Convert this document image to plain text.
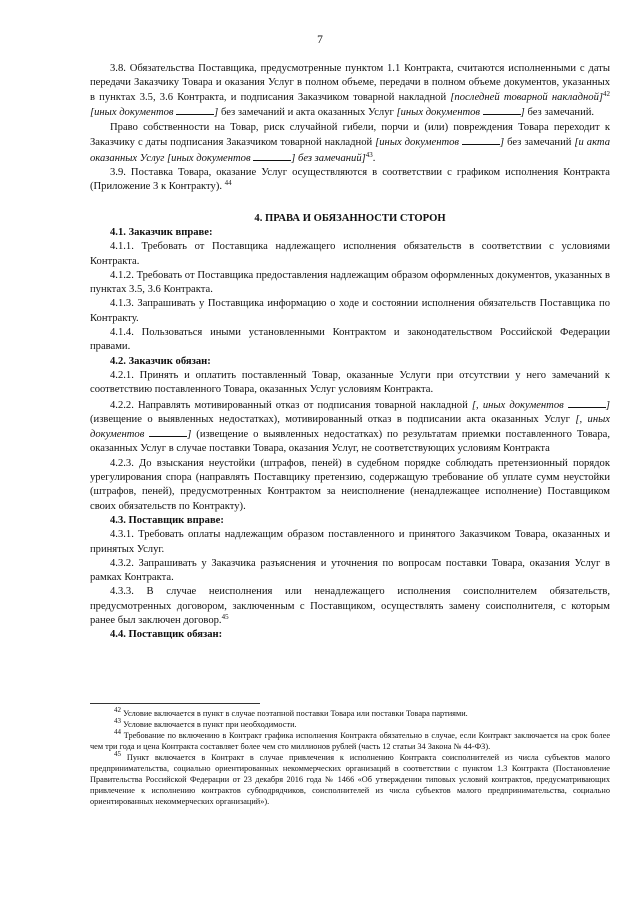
7

3.8. Обязательства Поставщика, предусмотренные пунктом 1.1 Контракта, считаются исполненными с даты передачи Заказчику Товара и оказания Услуг в полном объеме, передачи в полном объеме документов, указанных в пунктах 3.5, 3.6 Контракта, и подписания Заказчиком товарной накладной [последней товарной накладной]$^{42}$ [иных документов	] без замечаний и акта оказанных Услуг [иных документов	] без замечаний.

Право собственности на Товар, риск случайной гибели, порчи и (или) повреждения Товара переходит к Заказчику с даты подписания Заказчиком товарной накладной [иных документов	] без замечаний [и акта оказанных Услуг [иных документов	] без замечаний]$^{43}$.

3.9. Поставка Товара, оказание Услуг осуществляются в соответствии с графиком исполнения Контракта (Приложение 3 к Контракту). $^{44}$

4. ПРАВА И ОБЯЗАННОСТИ СТОРОН

4.1. Заказчик вправе:

4.1.1. Требовать от Поставщика надлежащего исполнения обязательств в соответствии с условиями Контракта.

4.1.2. Требовать от Поставщика предоставления надлежащим образом оформленных документов, указанных в пунктах 3.5, 3.6 Контракта.

4.1.3. Запрашивать у Поставщика информацию о ходе и состоянии исполнения обязательств Поставщика по Контракту.

4.1.4. Пользоваться иными установленными Контрактом и законодательством Российской Федерации правами.

4.2. Заказчик обязан:

4.2.1. Принять и оплатить поставленный Товар, оказанные Услуги при отсутствии у него замечаний к соответствию поставленного Товара, оказанных Услуг условиям Контракта.

4.2.2. Направлять мотивированный отказ от подписания товарной накладной [, иных документов	] (извещение о выявленных недостатках), мотивированный отказ в подписании акта оказанных Услуг [, иных документов	] (извещение о выявленных недостатках) по результатам приемки поставленного Товара, оказанных Услуг в случае поставки Товара, оказания Услуг, не соответствующих условиям Контракта

4.2.3. До взыскания неустойки (штрафов, пеней) в судебном порядке соблюдать претензионный порядок урегулирования спора (направлять Поставщику претензию, содержащую требование об уплате сумм неустойки (штрафов, пеней), предусмотренных Контрактом за неисполнение (ненадлежащее исполнение) Поставщиком своих обязательств по Контракту).

4.3. Поставщик вправе:

4.3.1. Требовать оплаты надлежащим образом поставленного и принятого Заказчиком Товара, оказанных и принятых Услуг.

4.3.2. Запрашивать у Заказчика разъяснения и уточнения по вопросам поставки Товара, оказания Услуг в рамках Контракта.

4.3.3. В случае неисполнения или ненадлежащего исполнения соисполнителем обязательств, предусмотренных договором, заключенным с Поставщиком, осуществлять замену соисполнителя, с которым ранее был заключен договор.$^{45}$

4.4. Поставщик обязан:

$^{42}$ Условие включается в пункт в случае поэтапной поставки Товара или поставки Товара партиями.

$^{43}$ Условие включается в пункт при необходимости.

$^{44}$ Требование по включению в Контракт графика исполнения Контракта обязательно в случае, если Контракт заключается на срок более чем три года и цена Контракта составляет более чем сто миллионов рублей (часть 12 статьи 34 Закона № 44-ФЗ).

$^{45}$ Пункт включается в Контракт в случае привлечения к исполнению Контракта соисполнителей из числа субъектов малого предпринимательства, социально ориентированных некоммерческих организаций в соответствии с пунктом 1.3 Контракта (Постановление Правительства Российской Федерации от 23 декабря 2016 года № 1466 «Об утверждении типовых условий контрактов, предусматривающих привлечение к исполнению контрактов субподрядчиков, соисполнителей из числа субъектов малого предпринимательства, социально ориентированных некоммерческих организаций»).
